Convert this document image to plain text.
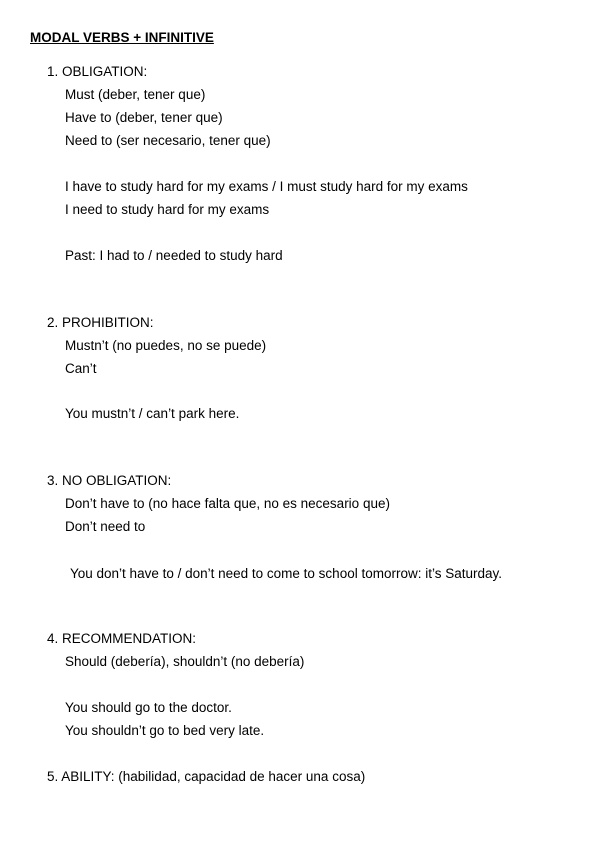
MODAL VERBS + INFINITIVE
1. OBLIGATION:
Must (deber, tener que)
Have to (deber, tener que)
Need to (ser necesario, tener que)
I have to study hard for my exams / I must study hard for my exams
I need to study hard for my exams
Past: I had to / needed to study hard
2. PROHIBITION:
Mustn’t (no puedes, no se puede)
Can’t
You mustn’t / can’t park here.
3. NO OBLIGATION:
Don’t have to (no hace falta que, no es necesario que)
Don’t need to
You don’t have to / don’t need to come to school tomorrow: it’s Saturday.
4. RECOMMENDATION:
Should (debería), shouldn’t (no debería)
You should go to the doctor.
You shouldn’t go to bed very late.
5. ABILITY: (habilidad, capacidad de hacer una cosa)
